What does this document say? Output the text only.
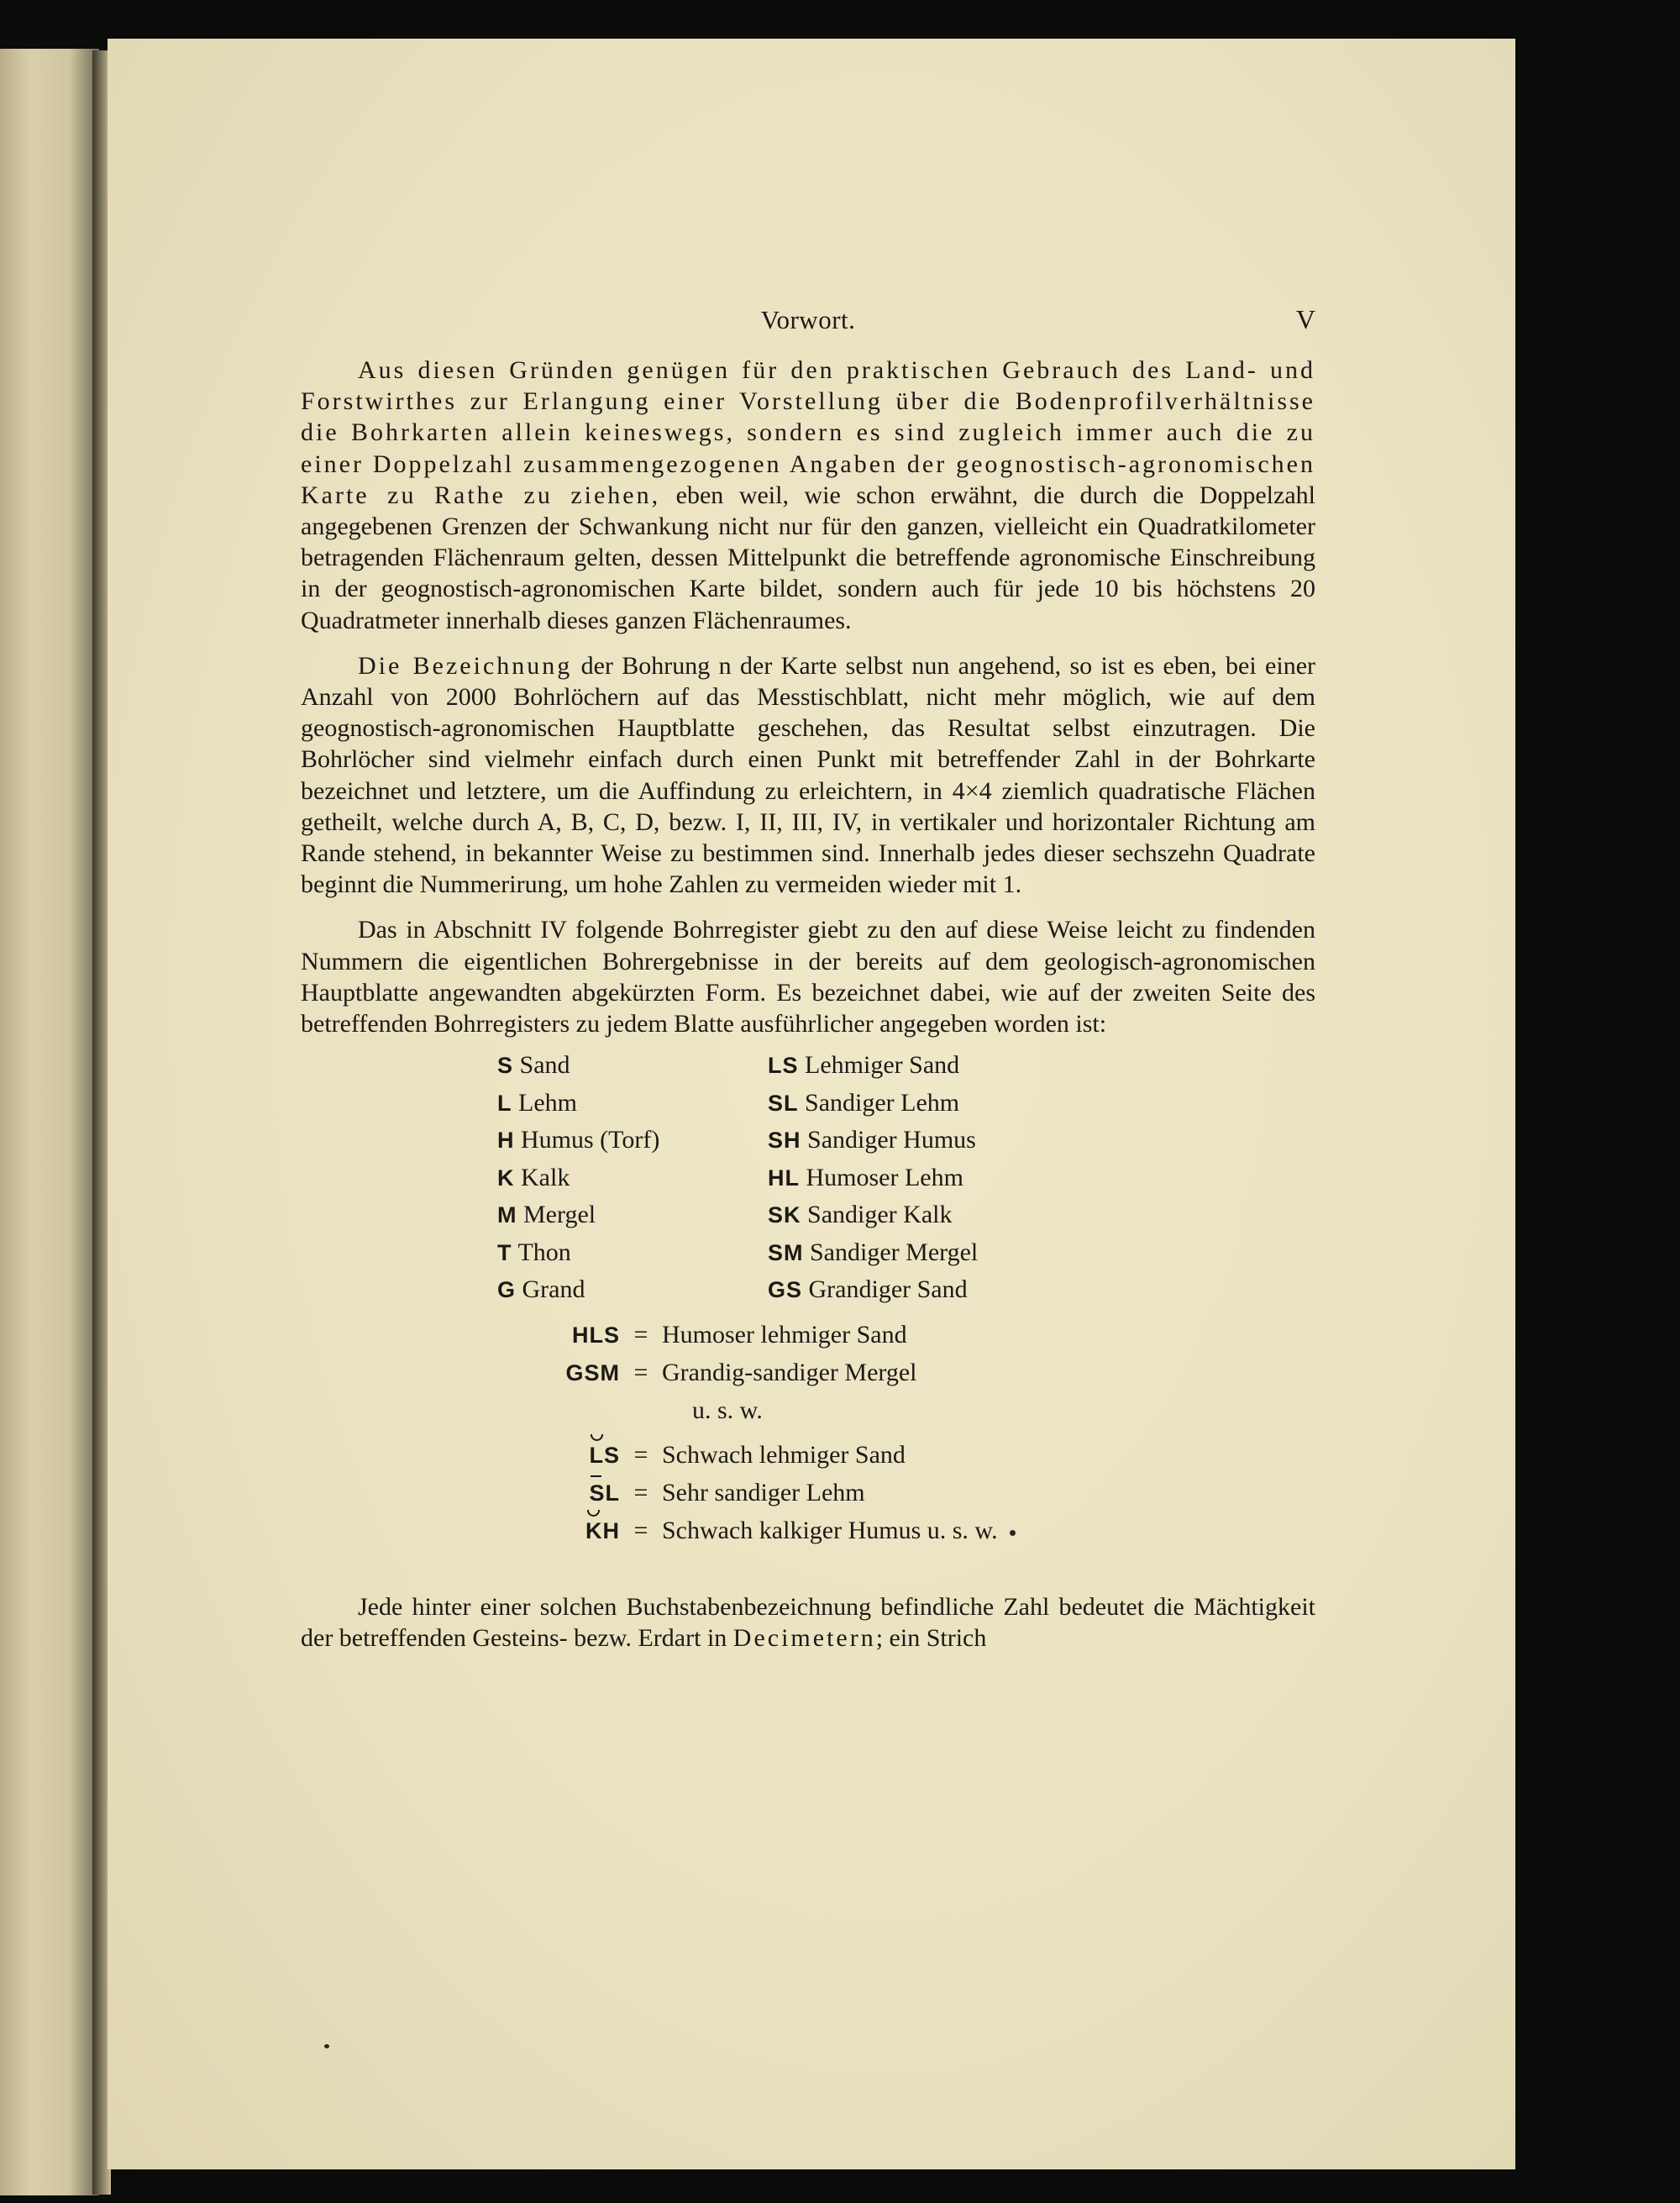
Vorwort.	V

Aus diesen Gründen genügen für den praktischen Gebrauch des Land- und Forstwirthes zur Erlangung einer Vorstellung über die Bodenprofilverhältnisse die Bohrkarten allein keineswegs, sondern es sind zugleich immer auch die zu einer Doppelzahl zusammengezogenen Angaben der geognostisch-agronomischen Karte zu Rathe zu ziehen, eben weil, wie schon erwähnt, die durch die Doppelzahl angegebenen Grenzen der Schwankung nicht nur für den ganzen, vielleicht ein Quadratkilometer betragenden Flächenraum gelten, dessen Mittelpunkt die betreffende agronomische Einschreibung in der geognostisch-agronomischen Karte bildet, sondern auch für jede 10 bis höchstens 20 Quadratmeter innerhalb dieses ganzen Flächenraumes.

Die Bezeichnung der Bohrung n der Karte selbst nun angehend, so ist es eben, bei einer Anzahl von 2000 Bohrlöchern auf das Messtischblatt, nicht mehr möglich, wie auf dem geognostisch-agronomischen Hauptblatte geschehen, das Resultat selbst einzutragen. Die Bohrlöcher sind vielmehr einfach durch einen Punkt mit betreffender Zahl in der Bohrkarte bezeichnet und letztere, um die Auffindung zu erleichtern, in 4×4 ziemlich quadratische Flächen getheilt, welche durch A, B, C, D, bezw. I, II, III, IV, in vertikaler und horizontaler Richtung am Rande stehend, in bekannter Weise zu bestimmen sind. Innerhalb jedes dieser sechszehn Quadrate beginnt die Nummerirung, um hohe Zahlen zu vermeiden wieder mit 1.

Das in Abschnitt IV folgende Bohrregister giebt zu den auf diese Weise leicht zu findenden Nummern die eigentlichen Bohrergebnisse in der bereits auf dem geologisch-agronomischen Hauptblatte angewandten abgekürzten Form. Es bezeichnet dabei, wie auf der zweiten Seite des betreffenden Bohrregisters zu jedem Blatte ausführlicher angegeben worden ist:

S Sand	LS Lehmiger Sand
L Lehm	SL Sandiger Lehm
H Humus (Torf)	SH Sandiger Humus
K Kalk	HL Humoser Lehm
M Mergel	SK Sandiger Kalk
T Thon	SM Sandiger Mergel
G Grand	GS Grandiger Sand
HLS = Humoser lehmiger Sand
GSM = Grandig-sandiger Mergel
u. s. w.
LS = Schwach lehmiger Sand
SL = Sehr sandiger Lehm
KH = Schwach kalkiger Humus u. s. w.

Jede hinter einer solchen Buchstabenbezeichnung befindliche Zahl bedeutet die Mächtigkeit der betreffenden Gesteins- bezw. Erdart in Decimetern; ein Strich
